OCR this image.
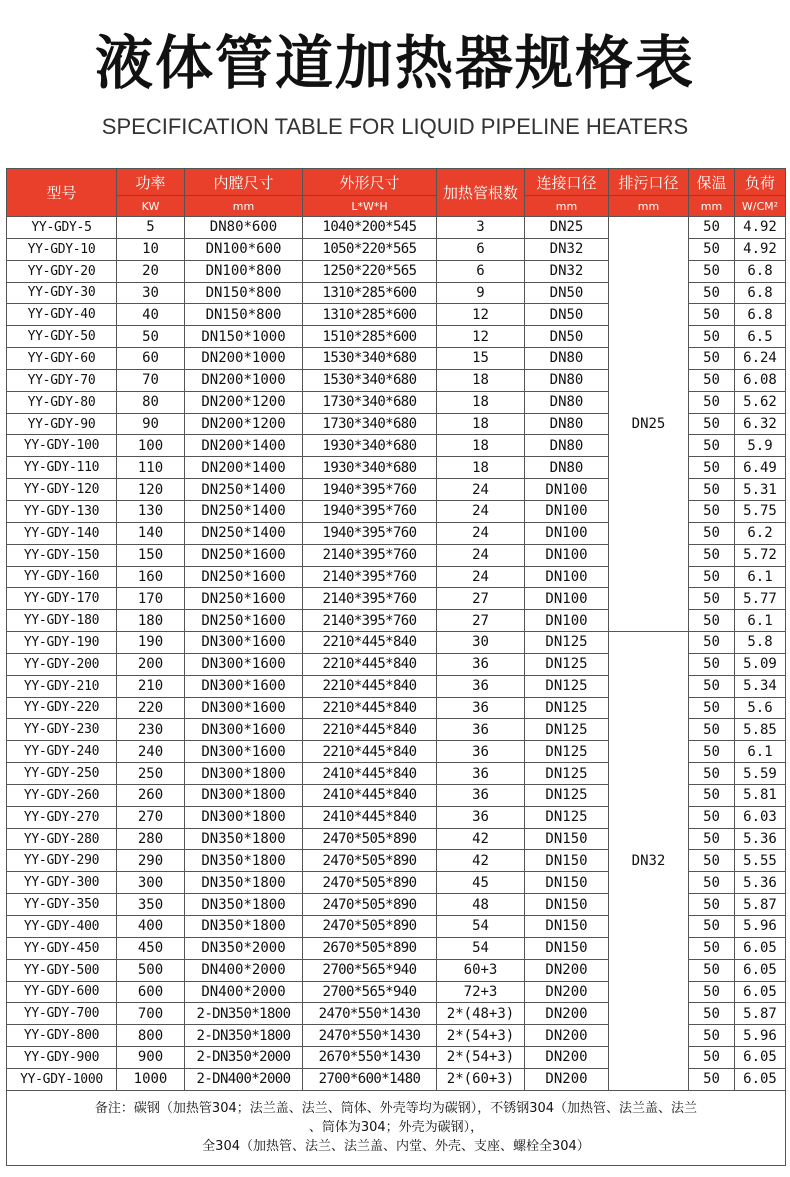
液体管道加热器规格表
SPECIFICATION TABLE FOR LIQUID PIPELINE HEATERS
型号	功率	内膛尺寸	外形尺寸	加热管根数	连接口径	排污口径	保温	负荷
	KW	mm	L*W*H		mm	mm	mm	W/CM²
YY-GDY-5	5	DN80*600	1040*200*545	3	DN25	DN25	50	4.92
YY-GDY-10	10	DN100*600	1050*220*565	6	DN32		50	4.92
YY-GDY-20	20	DN100*800	1250*220*565	6	DN32		50	6.8
YY-GDY-30	30	DN150*800	1310*285*600	9	DN50		50	6.8
YY-GDY-40	40	DN150*800	1310*285*600	12	DN50		50	6.8
YY-GDY-50	50	DN150*1000	1510*285*600	12	DN50		50	6.5
YY-GDY-60	60	DN200*1000	1530*340*680	15	DN80		50	6.24
YY-GDY-70	70	DN200*1000	1530*340*680	18	DN80		50	6.08
YY-GDY-80	80	DN200*1200	1730*340*680	18	DN80		50	5.62
YY-GDY-90	90	DN200*1200	1730*340*680	18	DN80		50	6.32
YY-GDY-100	100	DN200*1400	1930*340*680	18	DN80		50	5.9
YY-GDY-110	110	DN200*1400	1930*340*680	18	DN80		50	6.49
YY-GDY-120	120	DN250*1400	1940*395*760	24	DN100		50	5.31
YY-GDY-130	130	DN250*1400	1940*395*760	24	DN100		50	5.75
YY-GDY-140	140	DN250*1400	1940*395*760	24	DN100		50	6.2
YY-GDY-150	150	DN250*1600	2140*395*760	24	DN100		50	5.72
YY-GDY-160	160	DN250*1600	2140*395*760	24	DN100		50	6.1
YY-GDY-170	170	DN250*1600	2140*395*760	27	DN100		50	5.77
YY-GDY-180	180	DN250*1600	2140*395*760	27	DN100		50	6.1
YY-GDY-190	190	DN300*1600	2210*445*840	30	DN125	DN32	50	5.8
YY-GDY-200	200	DN300*1600	2210*445*840	36	DN125		50	5.09
YY-GDY-210	210	DN300*1600	2210*445*840	36	DN125		50	5.34
YY-GDY-220	220	DN300*1600	2210*445*840	36	DN125		50	5.6
YY-GDY-230	230	DN300*1600	2210*445*840	36	DN125		50	5.85
YY-GDY-240	240	DN300*1600	2210*445*840	36	DN125		50	6.1
YY-GDY-250	250	DN300*1800	2410*445*840	36	DN125		50	5.59
YY-GDY-260	260	DN300*1800	2410*445*840	36	DN125		50	5.81
YY-GDY-270	270	DN300*1800	2410*445*840	36	DN125		50	6.03
YY-GDY-280	280	DN350*1800	2470*505*890	42	DN150		50	5.36
YY-GDY-290	290	DN350*1800	2470*505*890	42	DN150		50	5.55
YY-GDY-300	300	DN350*1800	2470*505*890	45	DN150		50	5.36
YY-GDY-350	350	DN350*1800	2470*505*890	48	DN150		50	5.87
YY-GDY-400	400	DN350*1800	2470*505*890	54	DN150		50	5.96
YY-GDY-450	450	DN350*2000	2670*505*890	54	DN150		50	6.05
YY-GDY-500	500	DN400*2000	2700*565*940	60+3	DN200		50	6.05
YY-GDY-600	600	DN400*2000	2700*565*940	72+3	DN200		50	6.05
YY-GDY-700	700	2-DN350*1800	2470*550*1430	2*(48+3)	DN200		50	5.87
YY-GDY-800	800	2-DN350*1800	2470*550*1430	2*(54+3)	DN200		50	5.96
YY-GDY-900	900	2-DN350*2000	2670*550*1430	2*(54+3)	DN200		50	6.05
YY-GDY-1000	1000	2-DN400*2000	2700*600*1480	2*(60+3)	DN200		50	6.05

备注：碳钢（加热管304；法兰盖、法兰、筒体、外壳等均为碳钢），不锈钢304（加热管、法兰盖、法兰
、筒体为304；外壳为碳钢），
全304（加热管、法兰、法兰盖、内堂、外壳、支座、螺栓全304）								
